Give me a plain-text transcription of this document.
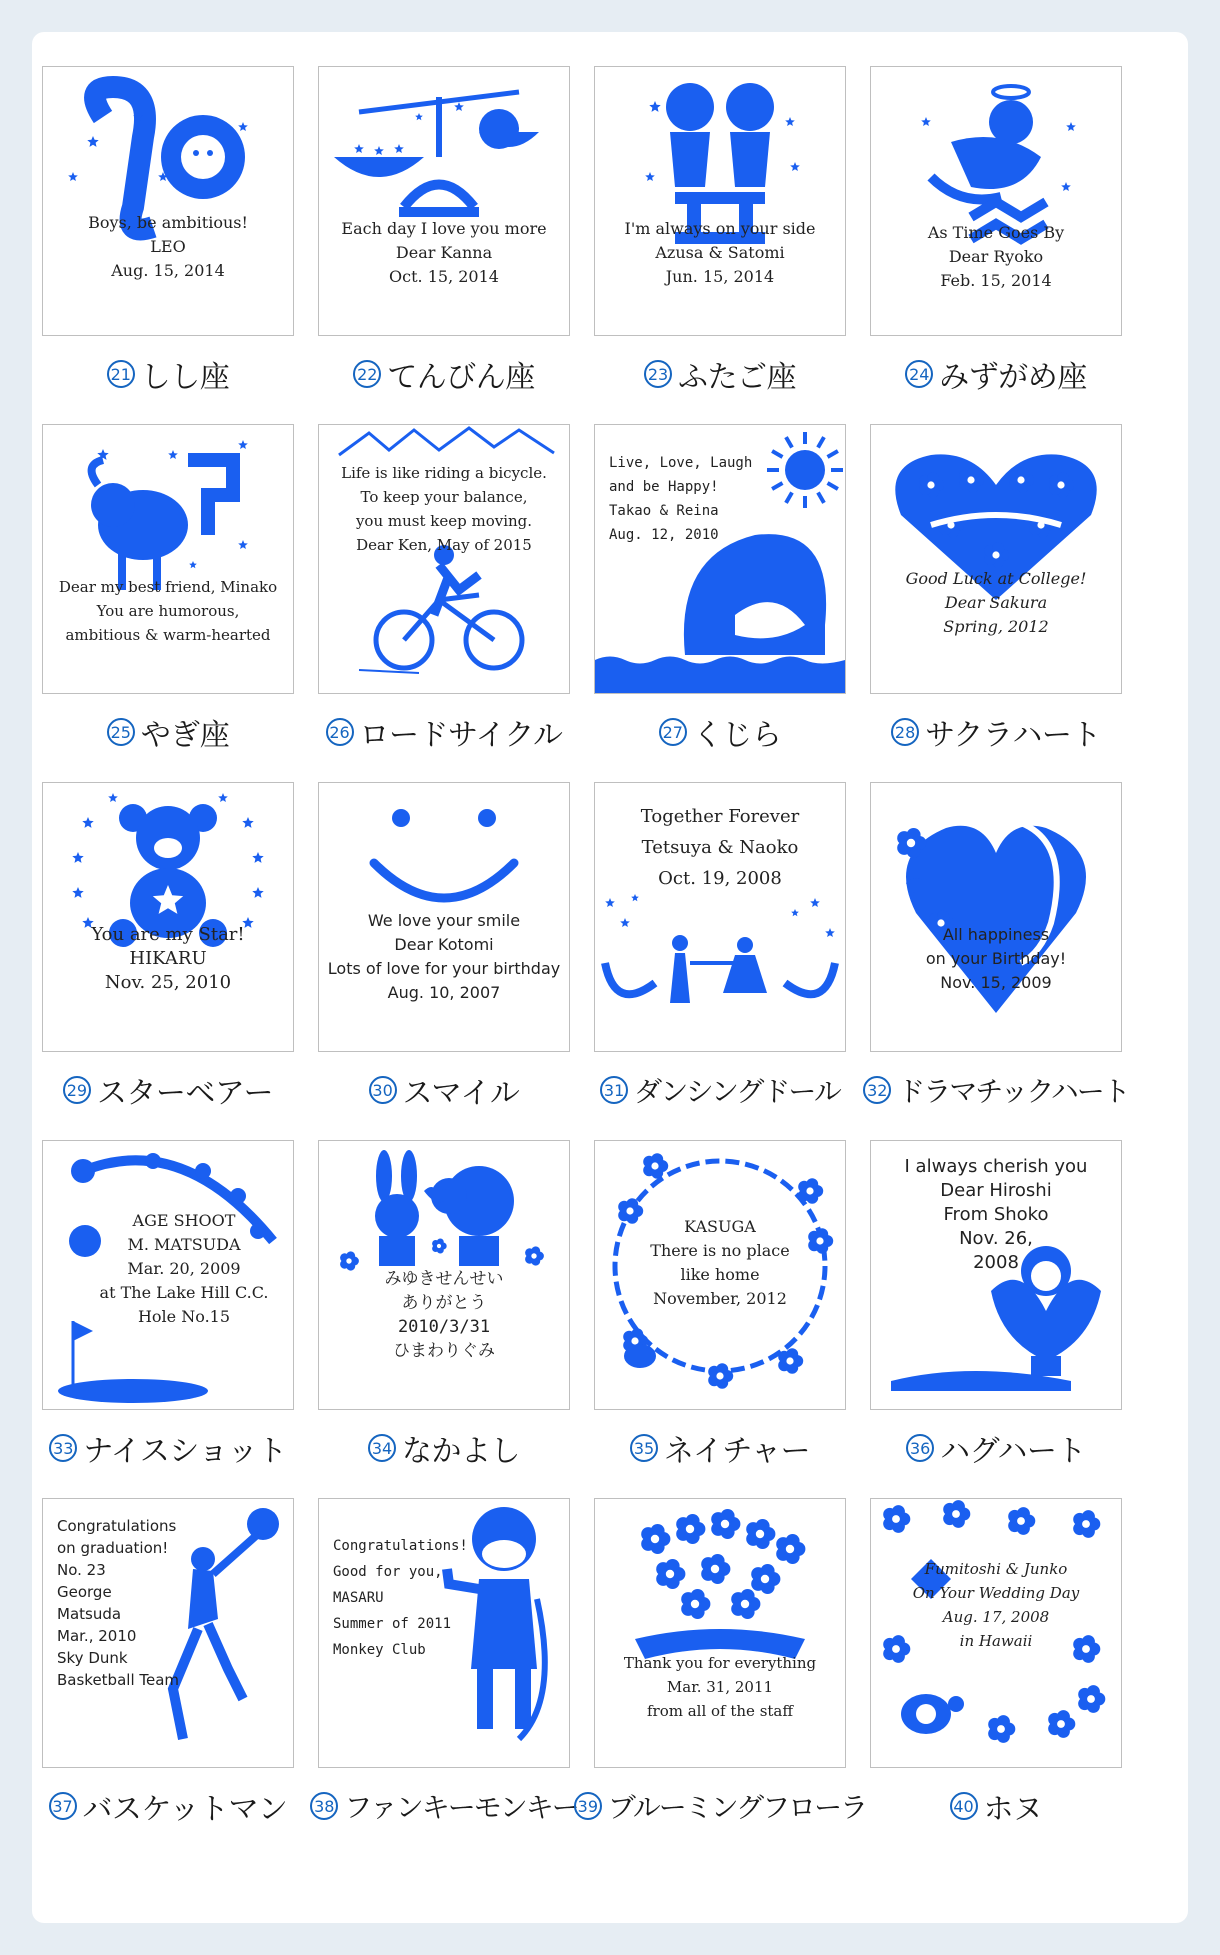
Boys, be ambitious!
LEO
Aug. 15, 2014
21 しし座
Each day I love you more
Dear Kanna
Oct. 15, 2014
22 てんびん座
I'm always on your side
Azusa & Satomi
Jun. 15, 2014
23 ふたご座
As Time Goes By
Dear Ryoko
Feb. 15, 2014
24 みずがめ座
Dear my best friend, Minako
You are humorous,
ambitious & warm-hearted
25 やぎ座
Life is like riding a bicycle.
To keep your balance,
you must keep moving.
Dear Ken, May of 2015
26 ロードサイクル
Live, Love, Laugh
and be Happy!
Takao & Reina
Aug. 12, 2010
27 くじら
Good Luck at College!
Dear Sakura
Spring, 2012
28 サクラハート
You are my Star!
HIKARU
Nov. 25, 2010
29 スターベアー
We love your smile
Dear Kotomi
Lots of love for your birthday
Aug. 10, 2007
30 スマイル
Together Forever
Tetsuya & Naoko
Oct. 19, 2008
31 ダンシングドール
All happiness
on your Birthday!
Nov. 15, 2009
32 ドラマチックハート
AGE SHOOT
M. MATSUDA
Mar. 20, 2009
at The Lake Hill C.C.
Hole No.15
33 ナイスショット
みゆきせんせい
ありがとう
2010/3/31
ひまわりぐみ
34 なかよし
KASUGA
There is no place
like home
November, 2012
35 ネイチャー
I always cherish you
Dear Hiroshi
From Shoko
Nov. 26,
2008
36 ハグハート
Congratulations
on graduation!
No. 23
George
Matsuda
Mar., 2010
Sky Dunk
Basketball Team
37 バスケットマン
Congratulations!
Good for you,
MASARU
Summer of 2011
Monkey Club
38 ファンキーモンキー
Thank you for everything
Mar. 31, 2011
from all of the staff
39 ブルーミングフローラ
Fumitoshi & Junko
On Your Wedding Day
Aug. 17, 2008
in Hawaii
40 ホヌ
